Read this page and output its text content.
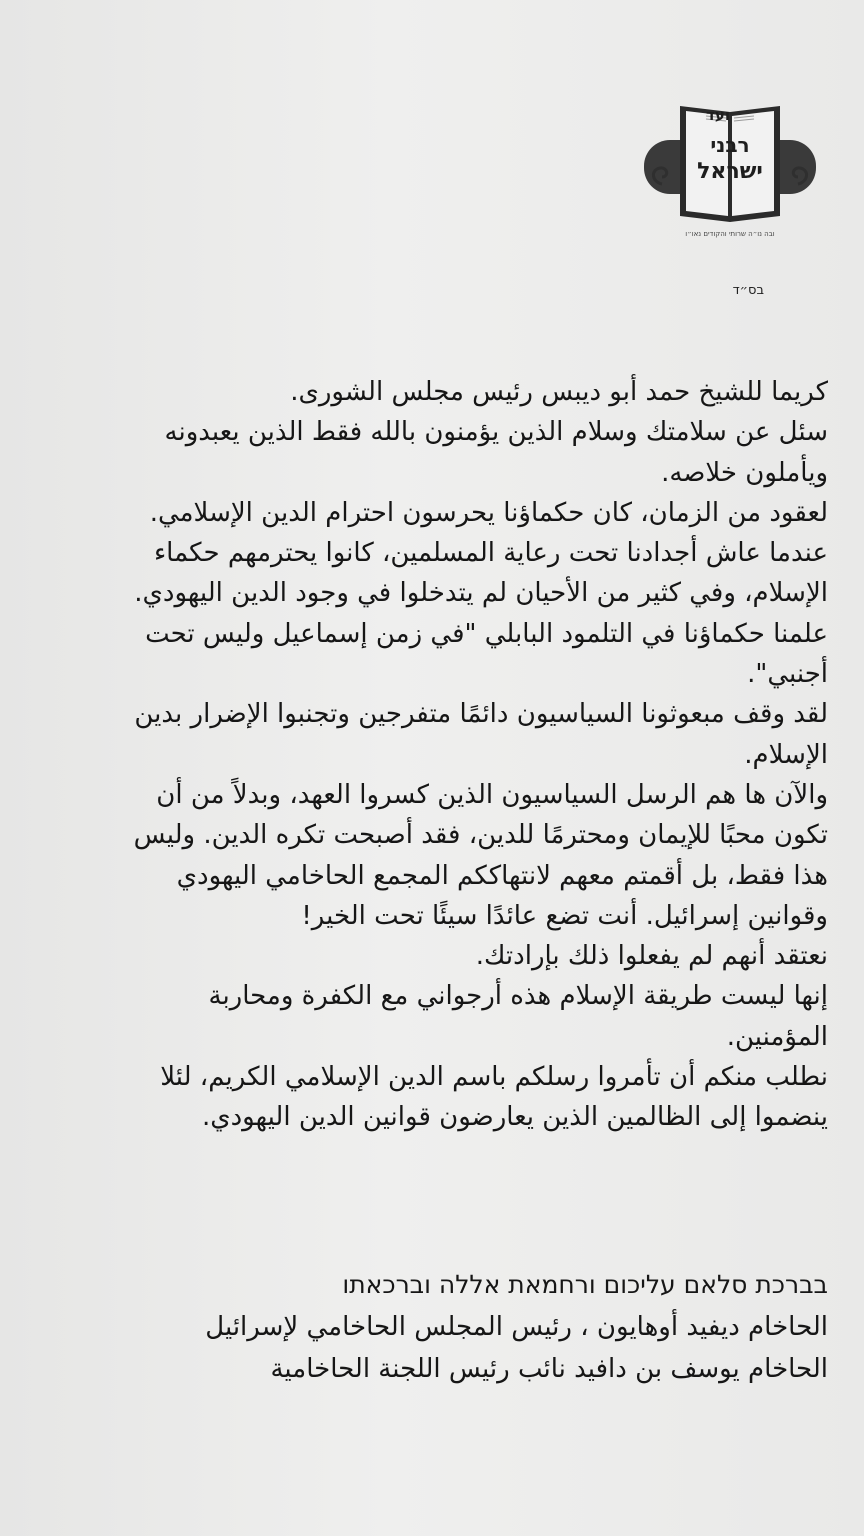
ועד
רבני
ישראל
ובה נו״ה שרותי והקודים נאו״ו
בס״ד
كريما للشيخ حمد أبو ديبس رئيس مجلس الشورى.
سئل عن سلامتك وسلام الذين يؤمنون بالله فقط الذين يعبدونه
ويأملون خلاصه.
لعقود من الزمان، كان حكماؤنا يحرسون احترام الدين الإسلامي.
عندما عاش أجدادنا تحت رعاية المسلمين، كانوا يحترمهم حكماء
الإسلام، وفي كثير من الأحيان لم يتدخلوا في وجود الدين اليهودي.
علمنا حكماؤنا في التلمود البابلي "في زمن إسماعيل وليس تحت
أجنبي".
لقد وقف مبعوثونا السياسيون دائمًا متفرجين وتجنبوا الإضرار بدين
الإسلام.
والآن ها هم الرسل السياسيون الذين كسروا العهد، وبدلاً من أن
تكون محبًا للإيمان ومحترمًا للدين، فقد أصبحت تكره الدين. وليس
هذا فقط، بل أقمتم معهم لانتهاككم المجمع الحاخامي اليهودي
وقوانين إسرائيل. أنت تضع عائدًا سيئًا تحت الخير!
نعتقد أنهم لم يفعلوا ذلك بإرادتك.
إنها ليست طريقة الإسلام هذه أرجواني مع الكفرة ومحاربة
المؤمنين.
نطلب منكم أن تأمروا رسلكم باسم الدين الإسلامي الكريم، لئلا
ينضموا إلى الظالمين الذين يعارضون قوانين الدين اليهودي.
בברכת סלאם עליכום ורחמאת אללה וברכאתו
الحاخام ديفيد أوهايون ، رئيس المجلس الحاخامي لإسرائيل
الحاخام يوسف بن دافيد نائب رئيس اللجنة الحاخامية
